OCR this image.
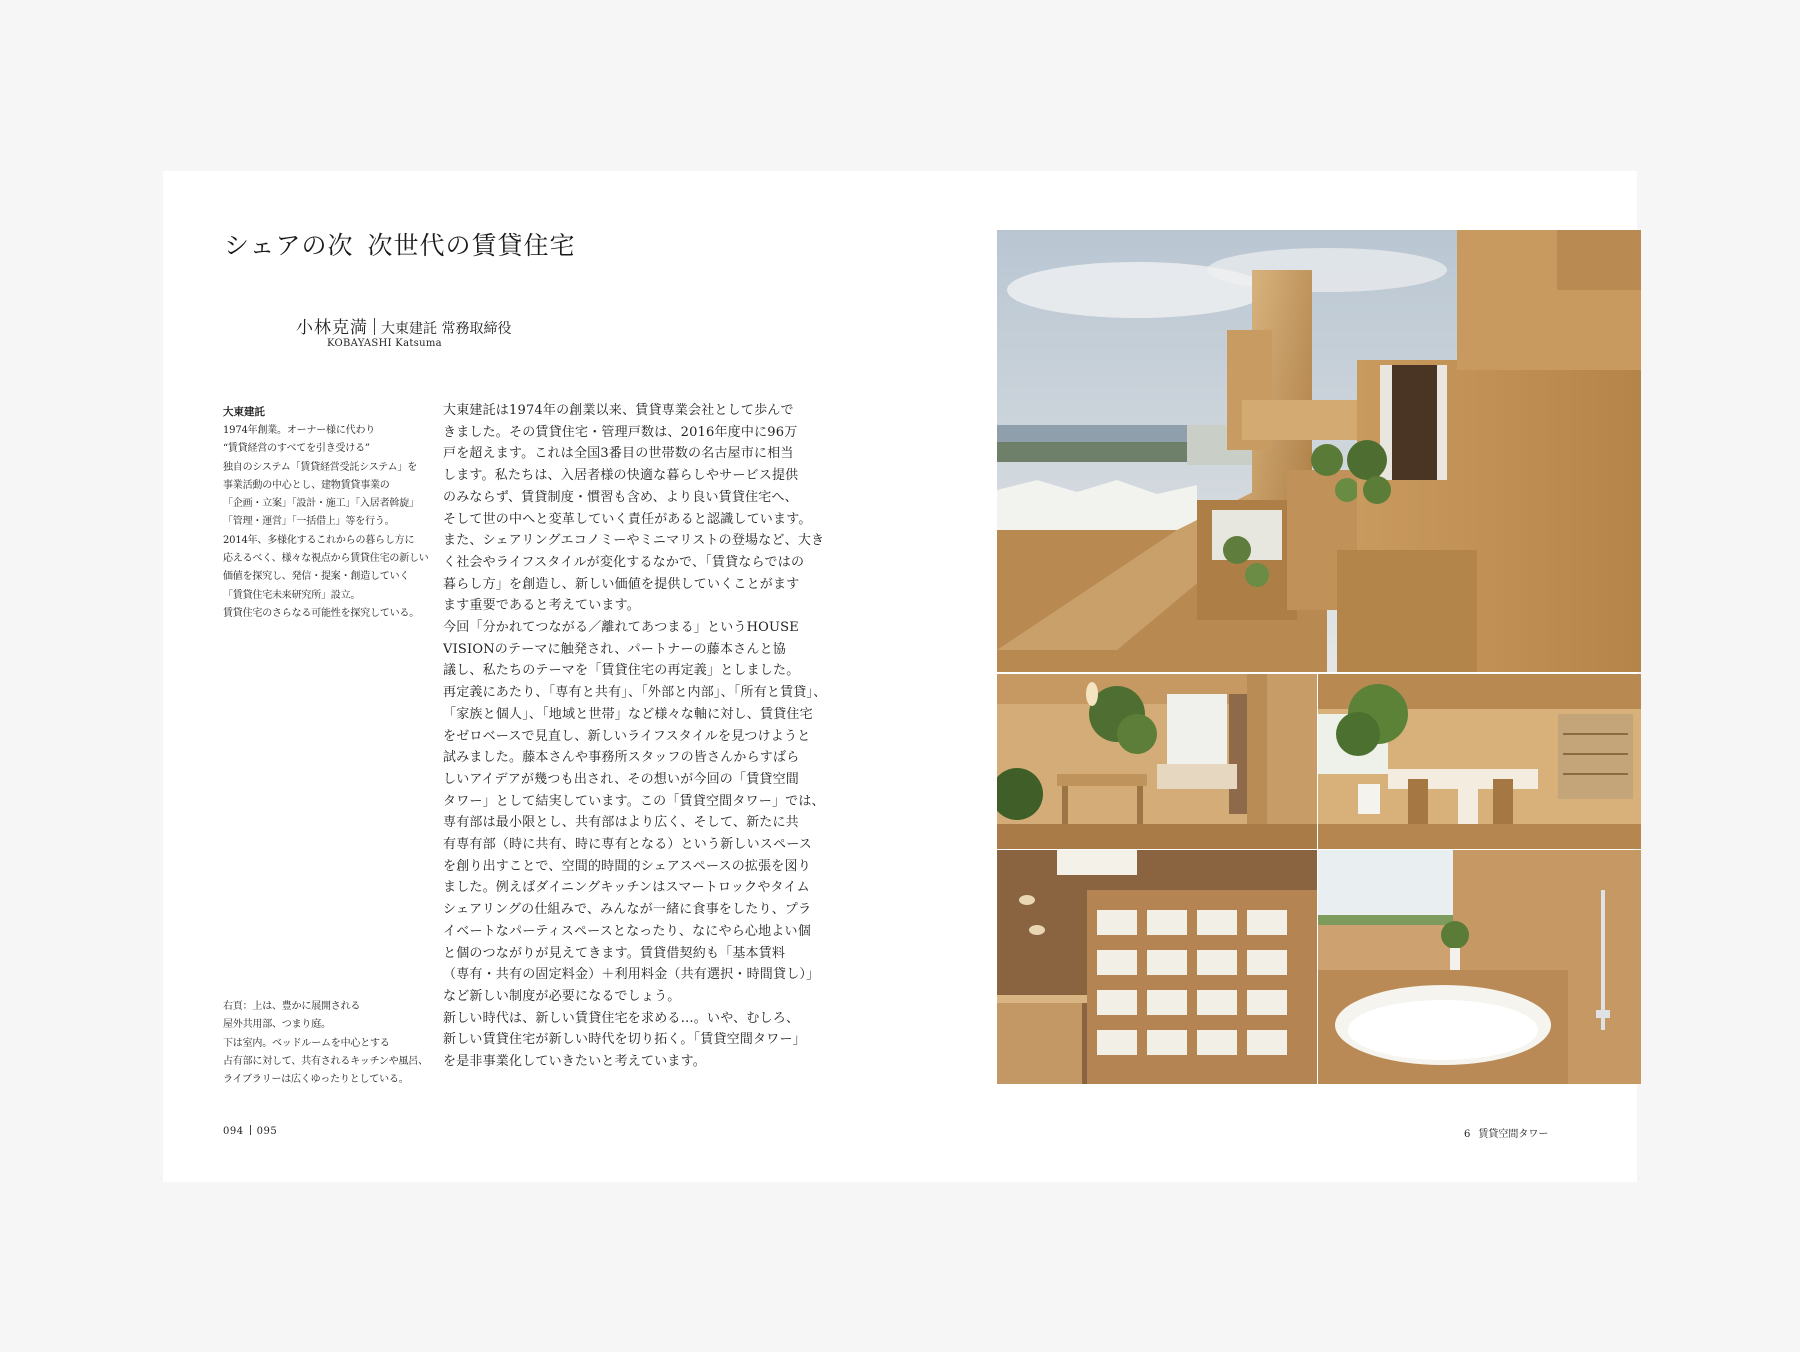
シェアの次 次世代の賃貸住宅
小林克満 大東建託 常務取締役
KOBAYASHI Katsuma
大東建託
1974年創業。オーナー様に代わり
“賃貸経営のすべてを引き受ける”
独自のシステム「賃貸経営受託システム」を
事業活動の中心とし、建物賃貸事業の
「企画・立案」「設計・施工」「入居者斡旋」
「管理・運営」「一括借上」等を行う。
2014年、多様化するこれからの暮らし方に
応えるべく、様々な視点から賃貸住宅の新しい
価値を探究し、発信・提案・創造していく
「賃貸住宅未来研究所」設立。
賃貸住宅のさらなる可能性を探究している。
大東建託は1974年の創業以来、賃貸専業会社として歩んで
きました。その賃貸住宅・管理戸数は、2016年度中に96万
戸を超えます。これは全国3番目の世帯数の名古屋市に相当
します。私たちは、入居者様の快適な暮らしやサービス提供
のみならず、賃貸制度・慣習も含め、より良い賃貸住宅へ、
そして世の中へと変革していく責任があると認識しています。
また、シェアリングエコノミーやミニマリストの登場など、大き
く社会やライフスタイルが変化するなかで、「賃貸ならではの
暮らし方」を創造し、新しい価値を提供していくことがます
ます重要であると考えています。
今回「分かれてつながる／離れてあつまる」というHOUSE
VISIONのテーマに触発され、パートナーの藤本さんと協
議し、私たちのテーマを「賃貸住宅の再定義」としました。
再定義にあたり、「専有と共有」、「外部と内部」、「所有と賃貸」、
「家族と個人」、「地域と世帯」など様々な軸に対し、賃貸住宅
をゼロベースで見直し、新しいライフスタイルを見つけようと
試みました。藤本さんや事務所スタッフの皆さんからすばら
しいアイデアが幾つも出され、その想いが今回の「賃貸空間
タワー」として結実しています。この「賃貸空間タワー」では、
専有部は最小限とし、共有部はより広く、そして、新たに共
有専有部（時に共有、時に専有となる）という新しいスペース
を創り出すことで、空間的時間的シェアスペースの拡張を図り
ました。例えばダイニングキッチンはスマートロックやタイム
シェアリングの仕組みで、みんなが一緒に食事をしたり、プラ
イベートなパーティスペースとなったり、なにやら心地よい個
と個のつながりが見えてきます。賃貸借契約も「基本賃料
（専有・共有の固定料金）＋利用料金（共有選択・時間貸し）」
など新しい制度が必要になるでしょう。
新しい時代は、新しい賃貸住宅を求める…。いや、むしろ、
新しい賃貸住宅が新しい時代を切り拓く。「賃貸空間タワー」
を是非事業化していきたいと考えています。
右頁：上は、豊かに展開される
屋外共用部、つまり庭。
下は室内。ベッドルームを中心とする
占有部に対して、共有されるキッチンや風呂、
ライブラリーは広くゆったりとしている。
094 095	6 賃貸空間タワー
